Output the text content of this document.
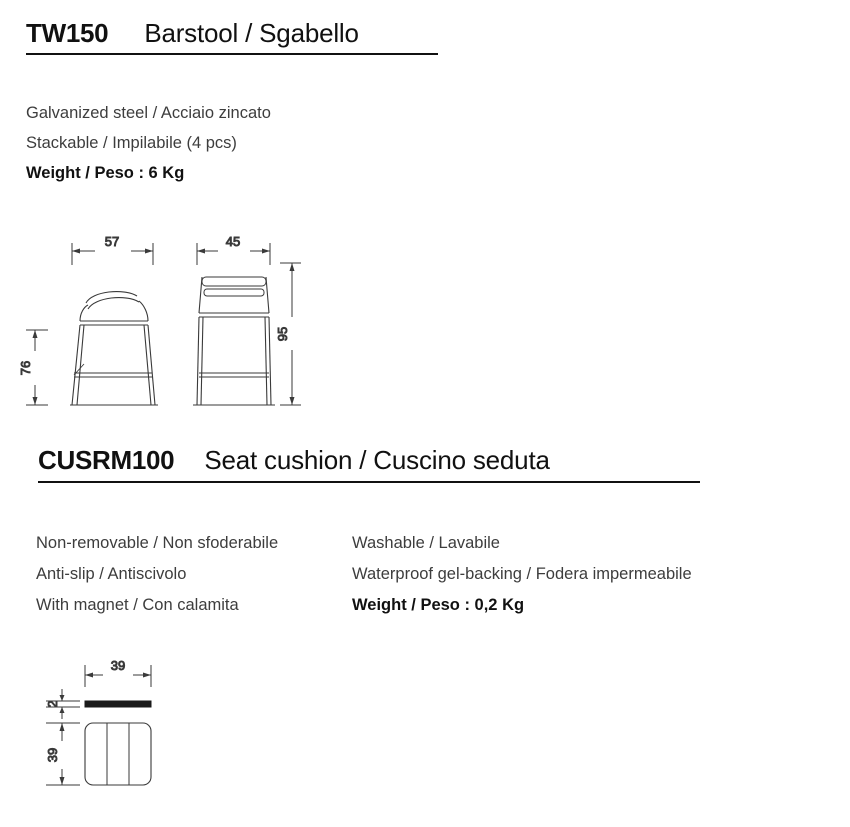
TW150 Barstool / Sgabello
Galvanized steel / Acciaio zincato
Stackable / Impilabile (4 pcs)
Weight / Peso : 6 Kg
57	45
76
95
CUSRM100 Seat cushion / Cuscino seduta
Non-removable / Non sfoderabile
Anti-slip / Antiscivolo
With magnet / Con calamita
Washable / Lavabile
Waterproof gel-backing / Fodera impermeabile
Weight / Peso : 0,2 Kg
39
2
39
